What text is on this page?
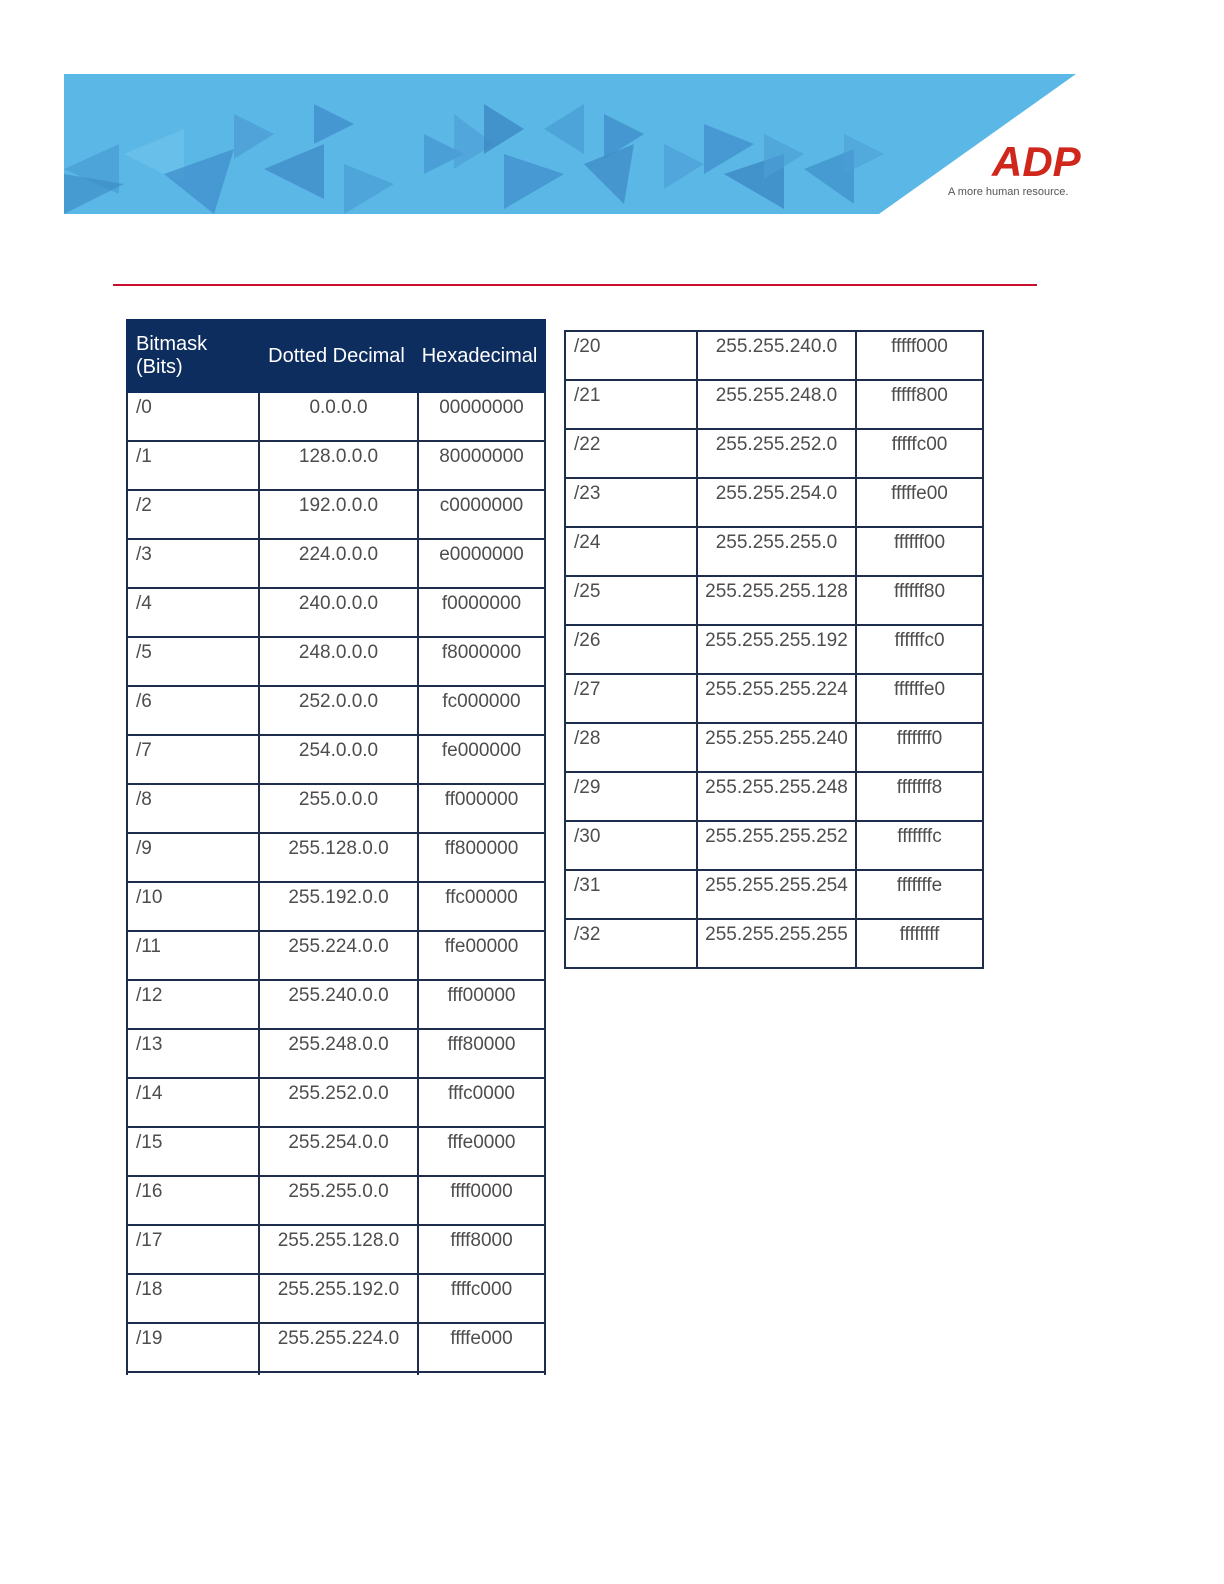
ADP
A more human resource.
Bitmask (Bits)	Dotted Decimal	Hexadecimal
/0	0.0.0.0	00000000
/1	128.0.0.0	80000000
/2	192.0.0.0	c0000000
/3	224.0.0.0	e0000000
/4	240.0.0.0	f0000000
/5	248.0.0.0	f8000000
/6	252.0.0.0	fc000000
/7	254.0.0.0	fe000000
/8	255.0.0.0	ff000000
/9	255.128.0.0	ff800000
/10	255.192.0.0	ffc00000
/11	255.224.0.0	ffe00000
/12	255.240.0.0	fff00000
/13	255.248.0.0	fff80000
/14	255.252.0.0	fffc0000
/15	255.254.0.0	fffe0000
/16	255.255.0.0	ffff0000
/17	255.255.128.0	ffff8000
/18	255.255.192.0	ffffc000
/19	255.255.224.0	ffffe000

/20	255.255.240.0	fffff000
/21	255.255.248.0	fffff800
/22	255.255.252.0	fffffc00
/23	255.255.254.0	fffffe00
/24	255.255.255.0	ffffff00
/25	255.255.255.128	ffffff80
/26	255.255.255.192	ffffffc0
/27	255.255.255.224	ffffffe0
/28	255.255.255.240	fffffff0
/29	255.255.255.248	fffffff8
/30	255.255.255.252	fffffffc
/31	255.255.255.254	fffffffe
/32	255.255.255.255	ffffffff
